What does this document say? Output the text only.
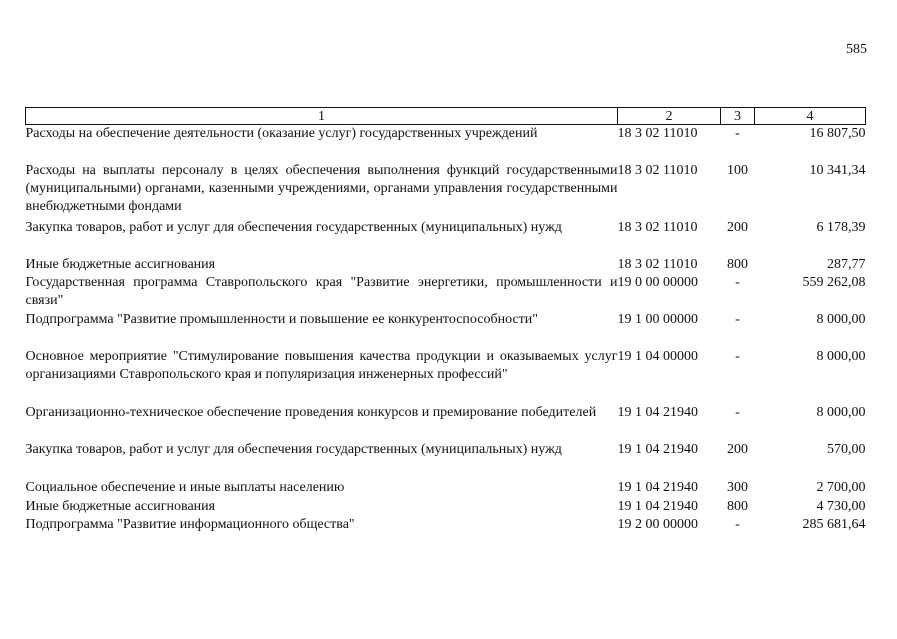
585
1	2	3	4
Расходы на обеспечение деятельности (оказание услуг) государственных учреждений	18 3 02 11010	-	16 807,50
Расходы на выплаты персоналу в целях обеспечения выполнения функций государственными (муниципальными) органами, казенными учреждениями, органами управления государственными внебюджетными фондами	18 3 02 11010	100	10 341,34
Закупка товаров, работ и услуг для обеспечения государственных (муниципальных) нужд	18 3 02 11010	200	6 178,39
Иные бюджетные ассигнования	18 3 02 11010	800	287,77
Государственная программа Ставропольского края "Развитие энергетики, промышленности и связи"	19 0 00 00000	-	559 262,08
Подпрограмма "Развитие промышленности и повышение ее конкурентоспособности"	19 1 00 00000	-	8 000,00
Основное мероприятие "Стимулирование повышения качества продукции и оказываемых услуг организациями Ставропольского края и популяризация инженерных профессий"	19 1 04 00000	-	8 000,00
Организационно-техническое обеспечение проведения конкурсов и премирование победителей	19 1 04 21940	-	8 000,00
Закупка товаров, работ и услуг для обеспечения государственных (муниципальных) нужд	19 1 04 21940	200	570,00
Социальное обеспечение и иные выплаты населению	19 1 04 21940	300	2 700,00
Иные бюджетные ассигнования	19 1 04 21940	800	4 730,00
Подпрограмма "Развитие информационного общества"	19 2 00 00000	-	285 681,64
